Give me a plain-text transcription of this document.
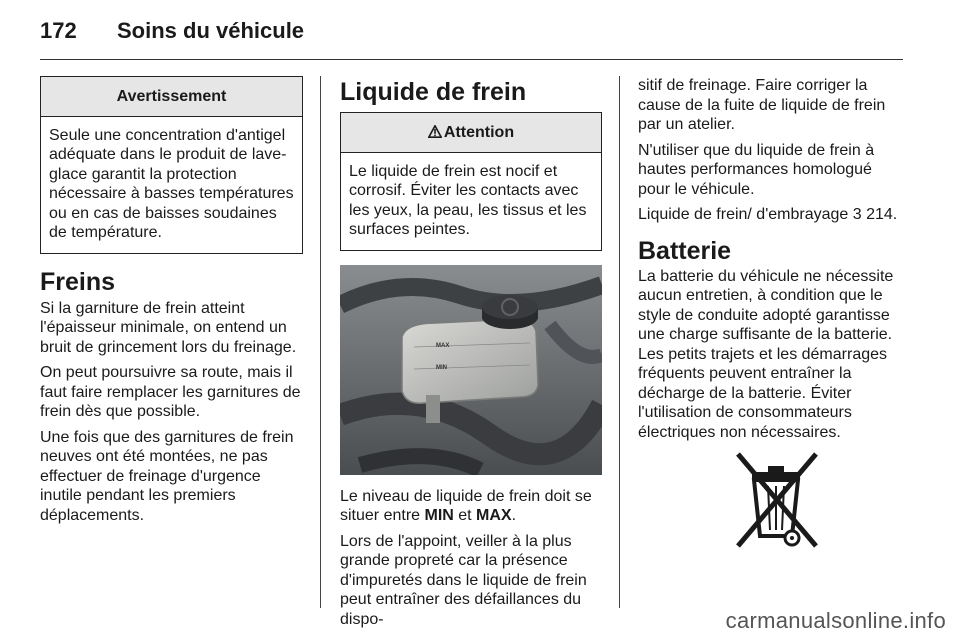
172 Soins du véhicule
Avertissement
Seule une concentration d'antigel adéquate dans le produit de lave-glace garantit la protection nécessaire à basses températures ou en cas de baisses soudaines de température.
Freins

Si la garniture de frein atteint l'épaisseur minimale, on entend un bruit de grincement lors du freinage.

On peut poursuivre sa route, mais il faut faire remplacer les garnitures de frein dès que possible.

Une fois que des garnitures de frein neuves ont été montées, ne pas effectuer de freinage d'urgence inutile pendant les premiers déplacements.

Liquide de frein
Attention
Le liquide de frein est nocif et corrosif. Éviter les contacts avec les yeux, la peau, les tissus et les surfaces peintes.
MAX
MIN

Le niveau de liquide de frein doit se situer entre MIN et MAX.

Lors de l'appoint, veiller à la plus grande propreté car la présence d'impuretés dans le liquide de frein peut entraîner des défaillances du dispo-

sitif de freinage. Faire corriger la cause de la fuite de liquide de frein par un atelier.

N'utiliser que du liquide de frein à hautes performances homologué pour le véhicule.

Liquide de frein/ d'embrayage 3 214.

Batterie

La batterie du véhicule ne nécessite aucun entretien, à condition que le style de conduite adopté garantisse une charge suffisante de la batterie. Les petits trajets et les démarrages fréquents peuvent entraîner la décharge de la batterie. Éviter l'utilisation de consommateurs électriques non nécessaires.

carmanualsonline.info
